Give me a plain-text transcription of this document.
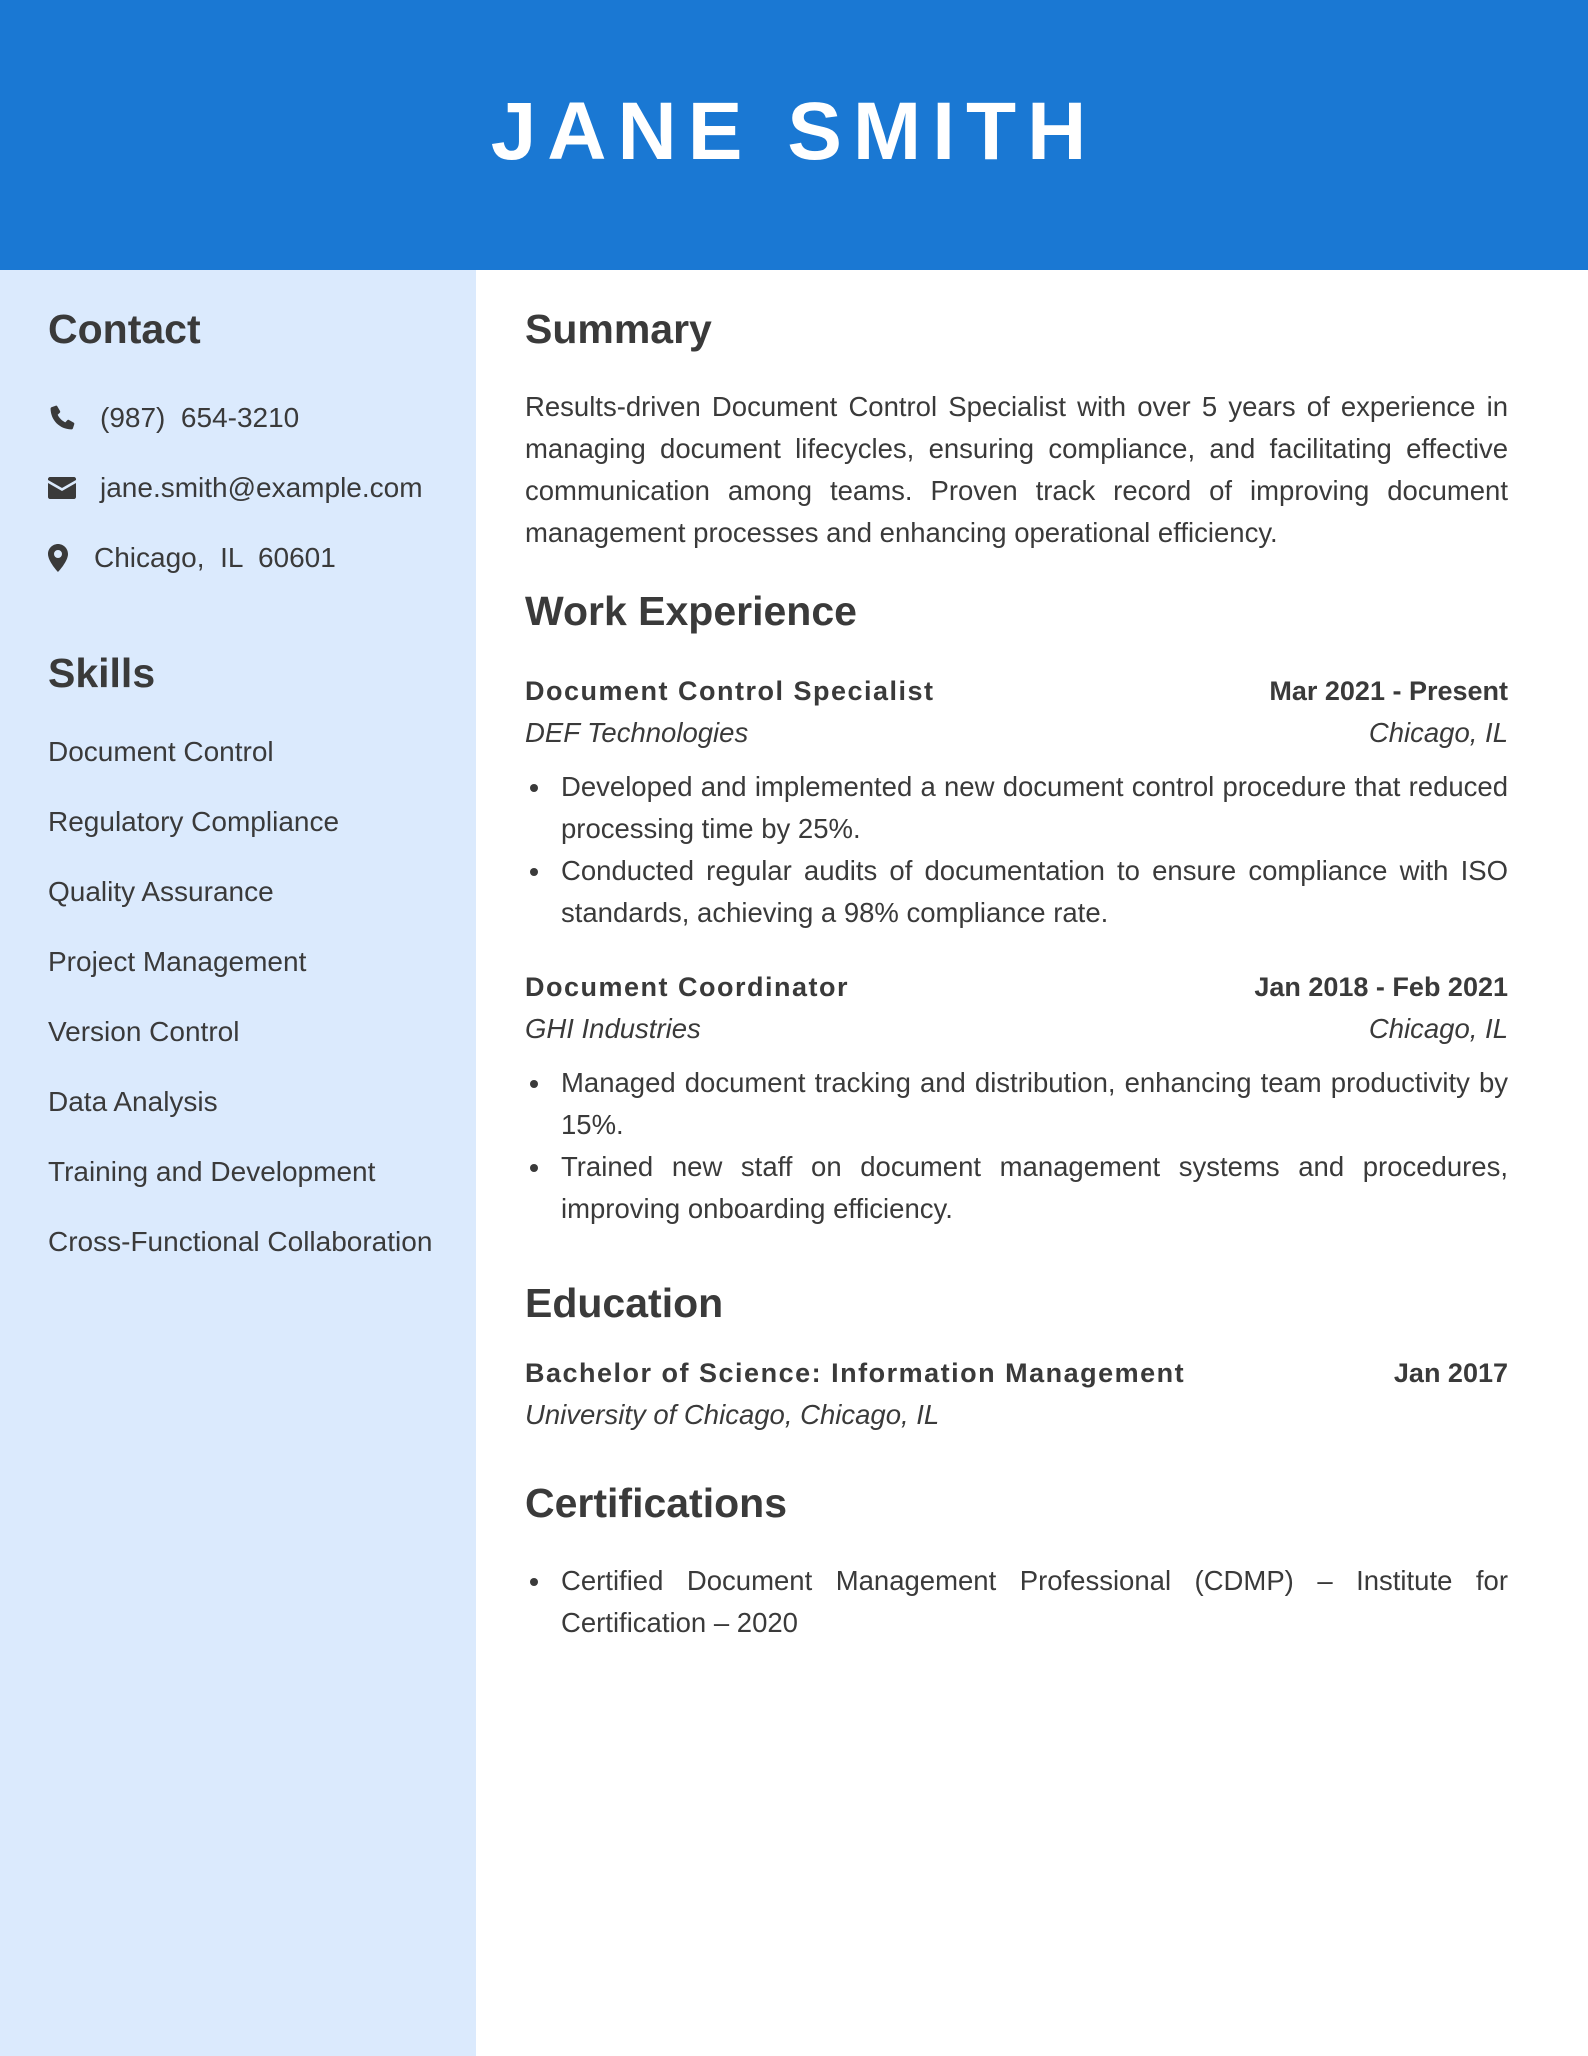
JANE SMITH
Contact
(987)  654-3210
jane.smith@example.com
Chicago,  IL  60601
Skills

Document Control

Regulatory Compliance

Quality Assurance

Project Management

Version Control

Data Analysis

Training and Development

Cross-Functional Collaboration

Summary

Results-driven Document Control Specialist with over 5 years of experience in managing document lifecycles, ensuring compliance, and facilitating effective communication among teams. Proven track record of improving document management processes and enhancing operational efficiency.

Work Experience
Document Control Specialist	Mar 2021 - Present
DEF Technologies	Chicago, IL
Developed and implemented a new document control procedure that reduced processing time by 25%.
Conducted regular audits of documentation to ensure compliance with ISO standards, achieving a 98% compliance rate.
Document Coordinator	Jan 2018 - Feb 2021
GHI Industries	Chicago, IL
Managed document tracking and distribution, enhancing team productivity by 15%.
Trained new staff on document management systems and procedures, improving onboarding efficiency.
Education
Bachelor of Science: Information Management	Jan 2017
University of Chicago, Chicago, IL
Certifications
Certified Document Management Professional (CDMP) – Institute for Certification – 2020
